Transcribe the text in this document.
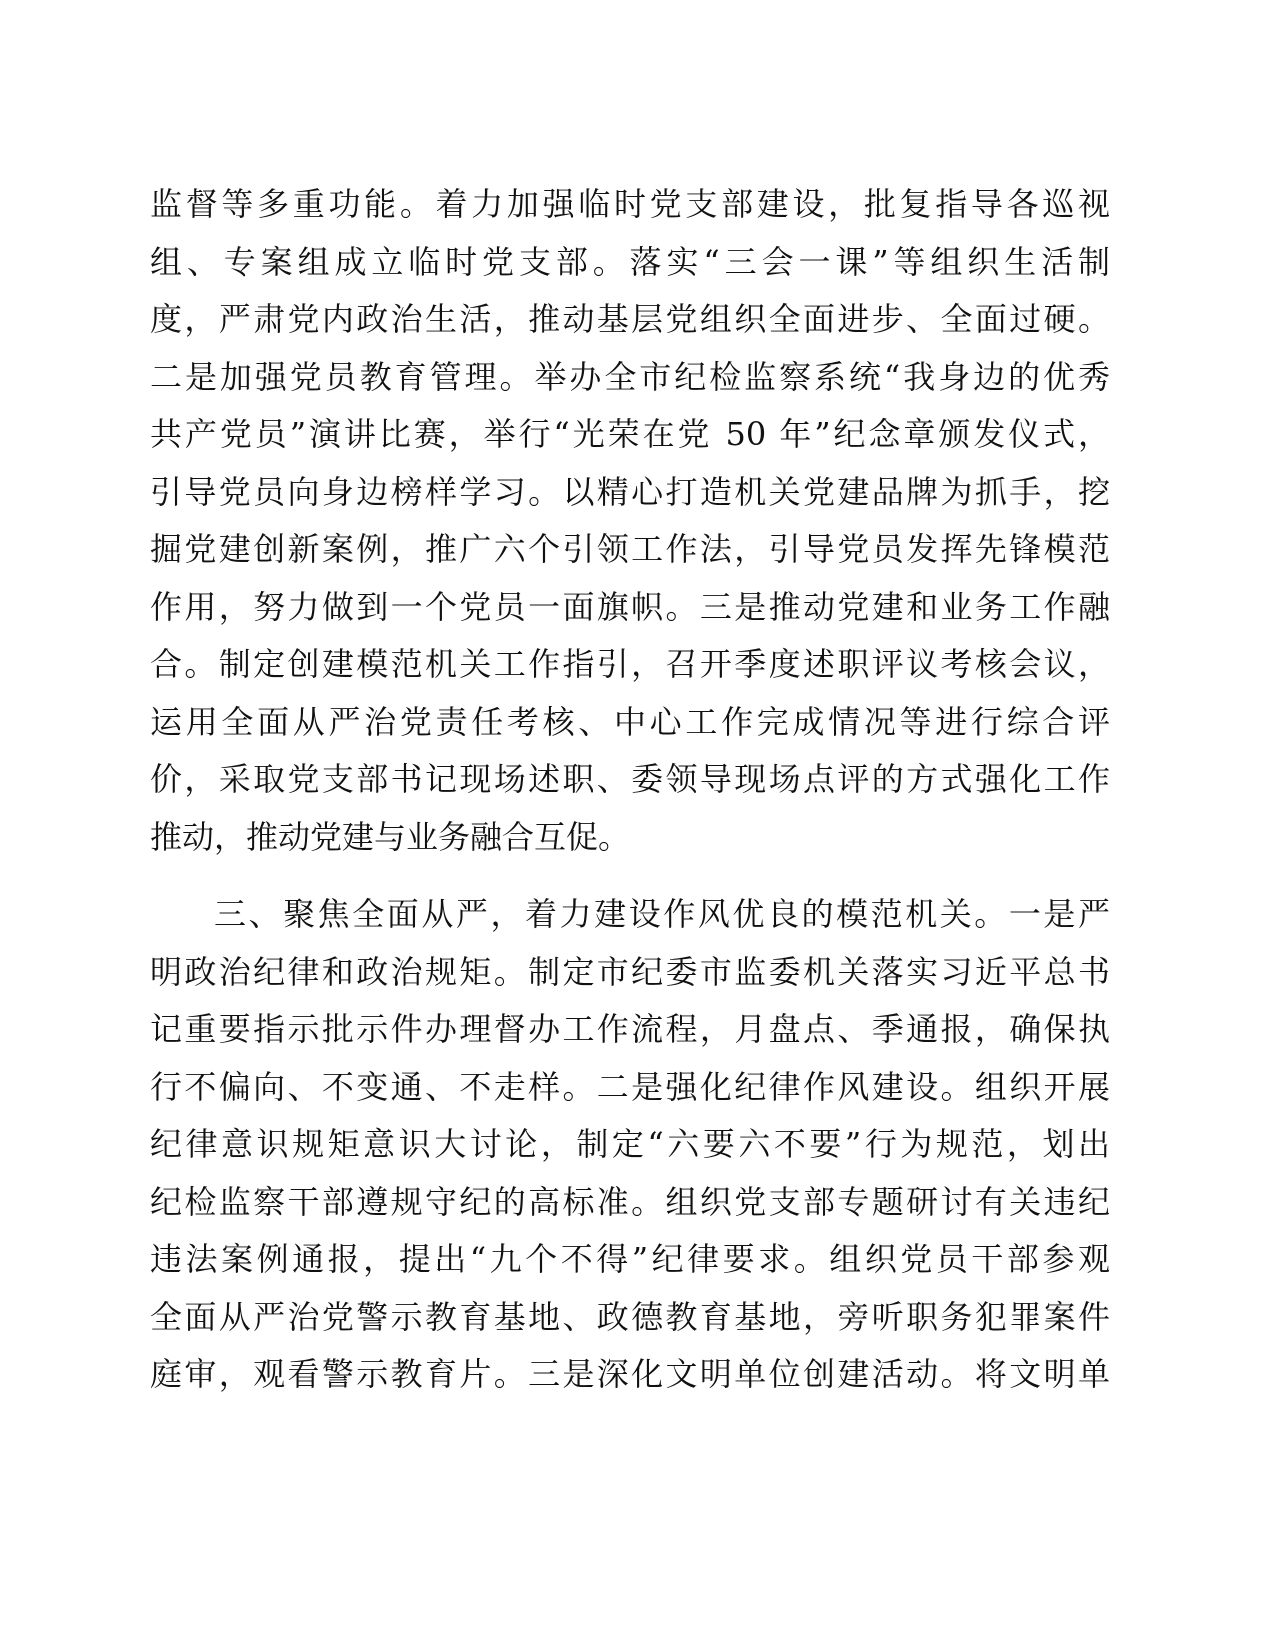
监督等多重功能。着力加强临时党支部建设，批复指导各巡视
组、专案组成立临时党支部。落实“三会一课”等组织生活制
度，严肃党内政治生活，推动基层党组织全面进步、全面过硬。
二是加强党员教育管理。举办全市纪检监察系统“我身边的优秀
共产党员”演讲比赛，举行“光荣在党 50 年”纪念章颁发仪式，
引导党员向身边榜样学习。以精心打造机关党建品牌为抓手，挖
掘党建创新案例，推广六个引领工作法，引导党员发挥先锋模范
作用，努力做到一个党员一面旗帜。三是推动党建和业务工作融
合。制定创建模范机关工作指引，召开季度述职评议考核会议，
运用全面从严治党责任考核、中心工作完成情况等进行综合评
价，采取党支部书记现场述职、委领导现场点评的方式强化工作
推动，推动党建与业务融合互促。
三、聚焦全面从严，着力建设作风优良的模范机关。一是严
明政治纪律和政治规矩。制定市纪委市监委机关落实习近平总书
记重要指示批示件办理督办工作流程，月盘点、季通报，确保执
行不偏向、不变通、不走样。二是强化纪律作风建设。组织开展
纪律意识规矩意识大讨论，制定“六要六不要”行为规范，划出
纪检监察干部遵规守纪的高标准。组织党支部专题研讨有关违纪
违法案例通报，提出“九个不得”纪律要求。组织党员干部参观
全面从严治党警示教育基地、政德教育基地，旁听职务犯罪案件
庭审，观看警示教育片。三是深化文明单位创建活动。将文明单
